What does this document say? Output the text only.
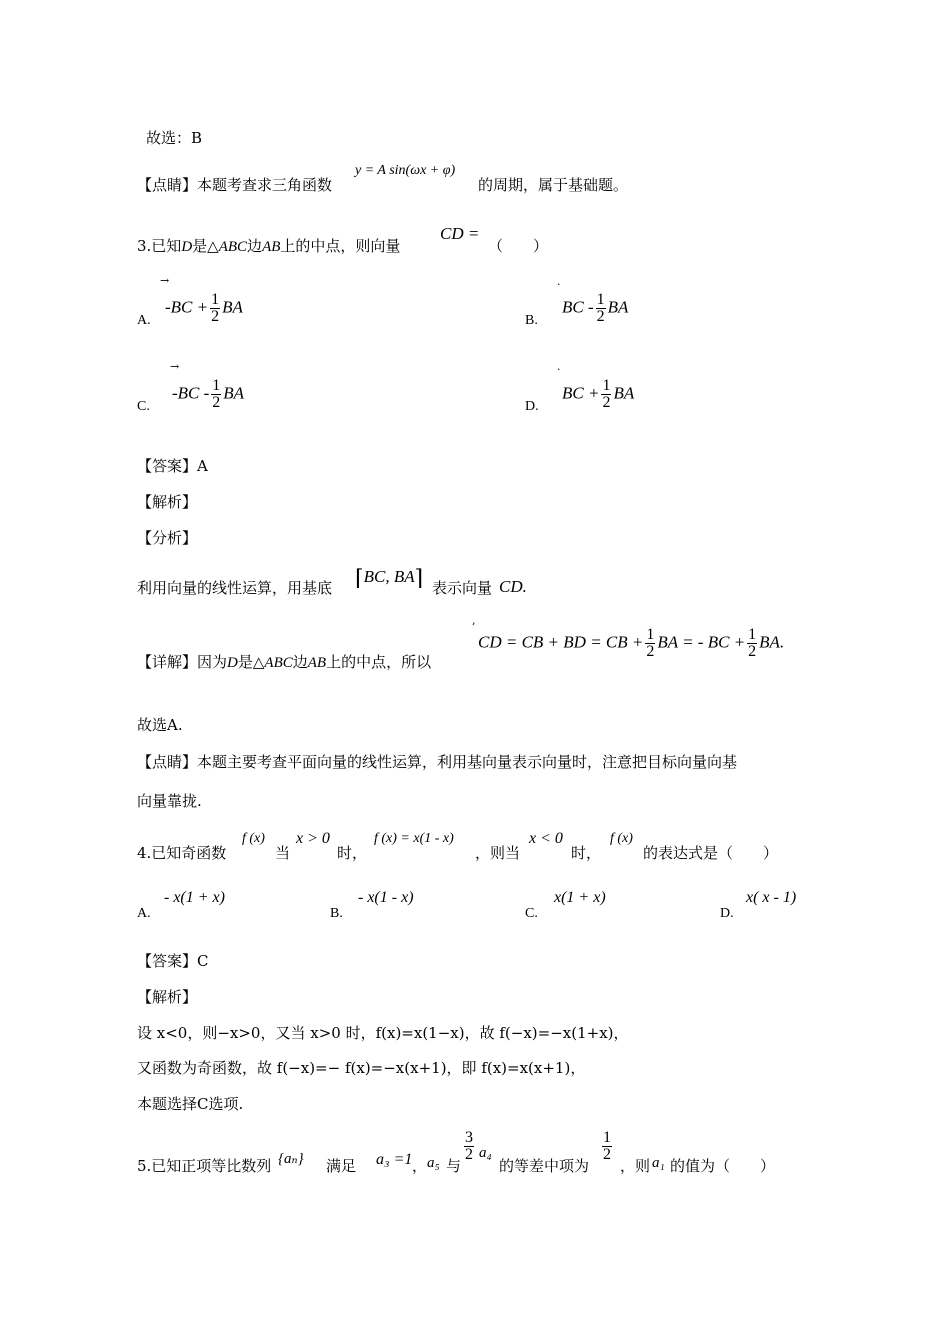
故选：B
【点睛】本题考查求三角函数
y = A sin(ωx + φ)
的周期，属于基础题。
3.已知D是△ABC边AB上的中点，则向量
CD =
（　　）
→
A.
$-BC + \frac{1}{2}$ BA
·
B.
BC - $\frac{1}{2}$ BA
→
C.
$-BC - \frac{1}{2}$ BA
·
D.
BC + $\frac{1}{2}$ BA
【答案】A
【解析】
【分析】
利用向量的线性运算，用基底 ⌈BC, BA⌉ 表示向量 CD.
【详解】因为D是△ABC边AB上的中点，所以
,
CD = CB + BD = CB + $\frac{1}{2}$ BA = - BC + $\frac{1}{2}$ BA.
故选A.
【点睛】本题主要考查平面向量的线性运算，利用基向量表示向量时，注意把目标向量向基
向量靠拢.
4.已知奇函数
f (x)
当
x > 0
时，
f (x) = x(1 - x)
，则当
x < 0
时，
f (x)
的表达式是（　　）
A.
- x(1 + x)
B.
- x(1 - x)
C.
x(1 + x)
D.
x( x - 1)
【答案】C
【解析】
设 x<0，则−x>0，又当 x>0 时，f(x)=x(1−x)，故 f(−x)=−x(1+x)，
又函数为奇函数，故 f(−x)=− f(x)=−x(x+1)，即 f(x)=x(x+1)，
本题选择C选项.
5.已知正项等比数列 {aₙ} 满足 a₃ =1 ， a₅ 与
$\frac{3}{2} a_4$
的等差中项为
$\frac{1}{2}$
，则 a₁ 的值为（　　）
